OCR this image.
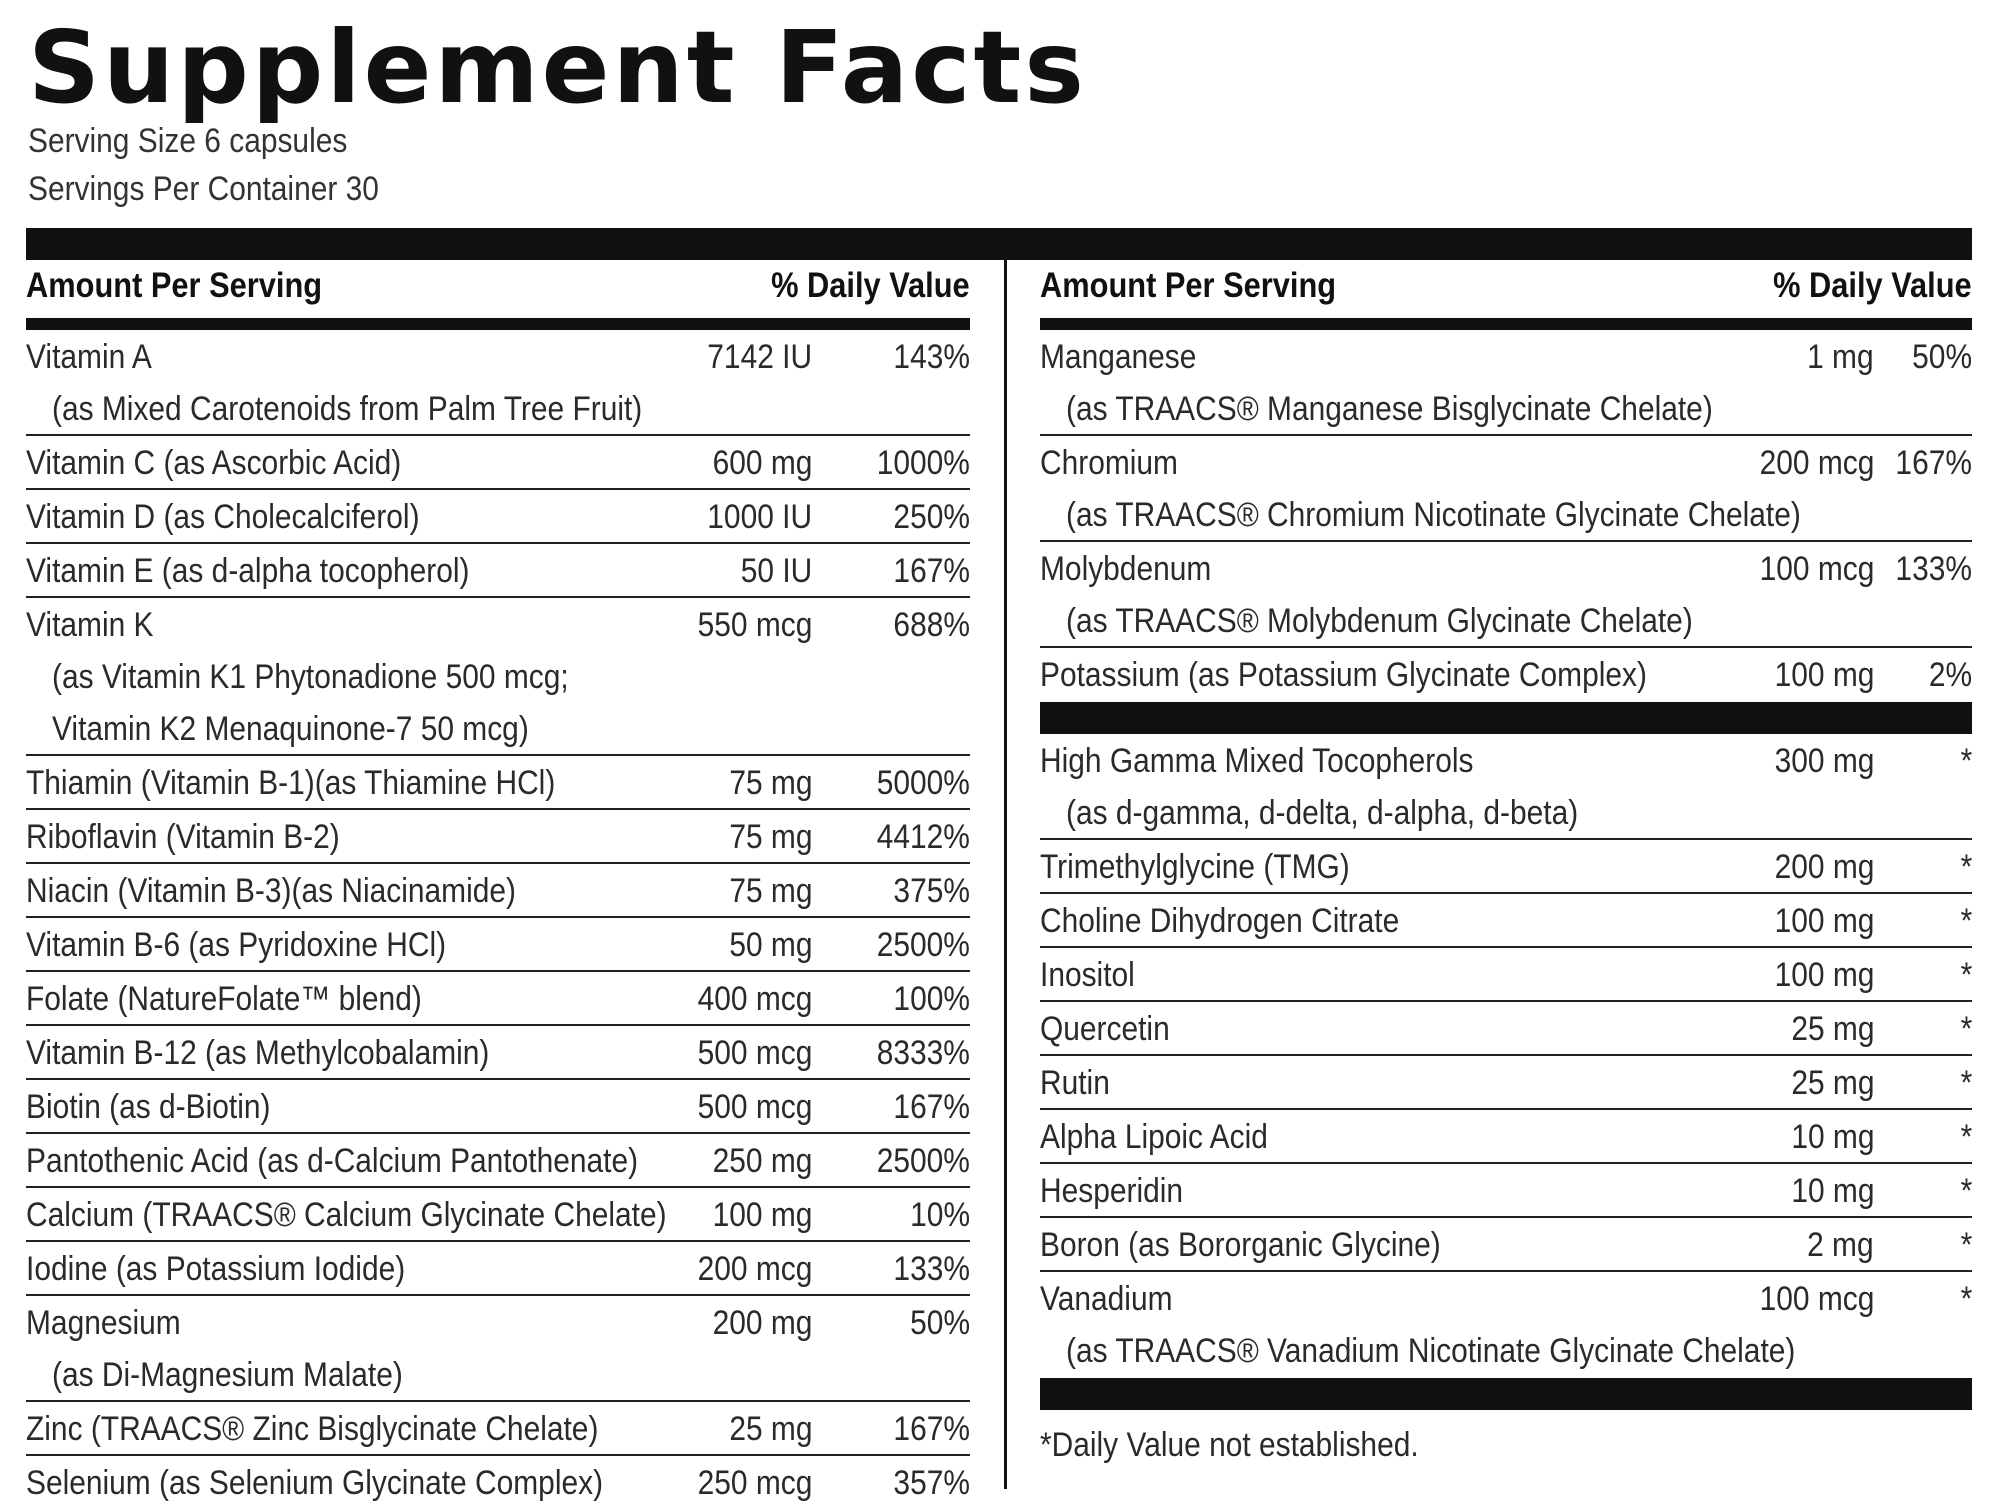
Supplement Facts
Serving Size 6 capsules
Servings Per Container 30
Amount Per Serving	% Daily Value
Vitamin A	7142 IU 143%
(as Mixed Carotenoids from Palm Tree Fruit)
Vitamin C (as Ascorbic Acid)	600 mg 1000%
Vitamin D (as Cholecalciferol)	1000 IU 250%
Vitamin E (as d-alpha tocopherol)	50 IU 167%
Vitamin K	550 mcg 688%
(as Vitamin K1 Phytonadione 500 mcg;
Vitamin K2 Menaquinone-7 50 mcg)
Thiamin (Vitamin B-1)(as Thiamine HCl)	75 mg 5000%
Riboflavin (Vitamin B-2)	75 mg 4412%
Niacin (Vitamin B-3)(as Niacinamide)	75 mg 375%
Vitamin B-6 (as Pyridoxine HCl)	50 mg 2500%
Folate (NatureFolate™ blend)	400 mcg 100%
Vitamin B-12 (as Methylcobalamin)	500 mcg 8333%
Biotin (as d-Biotin)	500 mcg 167%
Pantothenic Acid (as d-Calcium Pantothenate) 250 mg 2500%
Calcium (TRAACS® Calcium Glycinate Chelate) 100 mg	10%
Iodine (as Potassium Iodide)	200 mcg 133%
Magnesium	200 mg	50%
(as Di-Magnesium Malate)
Zinc (TRAACS® Zinc Bisglycinate Chelate)	25 mg 167%
Selenium (as Selenium Glycinate Complex)	250 mcg 357%
Amount Per Serving	% Daily Value
Manganese	1 mg 50%
(as TRAACS® Manganese Bisglycinate Chelate)
Chromium	200 mcg 167%
(as TRAACS® Chromium Nicotinate Glycinate Chelate)
Molybdenum	100 mcg 133%
(as TRAACS® Molybdenum Glycinate Chelate)
Potassium (as Potassium Glycinate Complex)	100 mg 2%
High Gamma Mixed Tocopherols	300 mg	*
(as d-gamma, d-delta, d-alpha, d-beta)
Trimethylglycine (TMG)	200 mg	*
Choline Dihydrogen Citrate	100 mg	*
Inositol	100 mg	*
Quercetin	25 mg	*
Rutin	25 mg	*
Alpha Lipoic Acid	10 mg	*
Hesperidin	10 mg	*
Boron (as Bororganic Glycine)	2 mg	*
Vanadium	100 mcg	*
(as TRAACS® Vanadium Nicotinate Glycinate Chelate)
*Daily Value not established.
